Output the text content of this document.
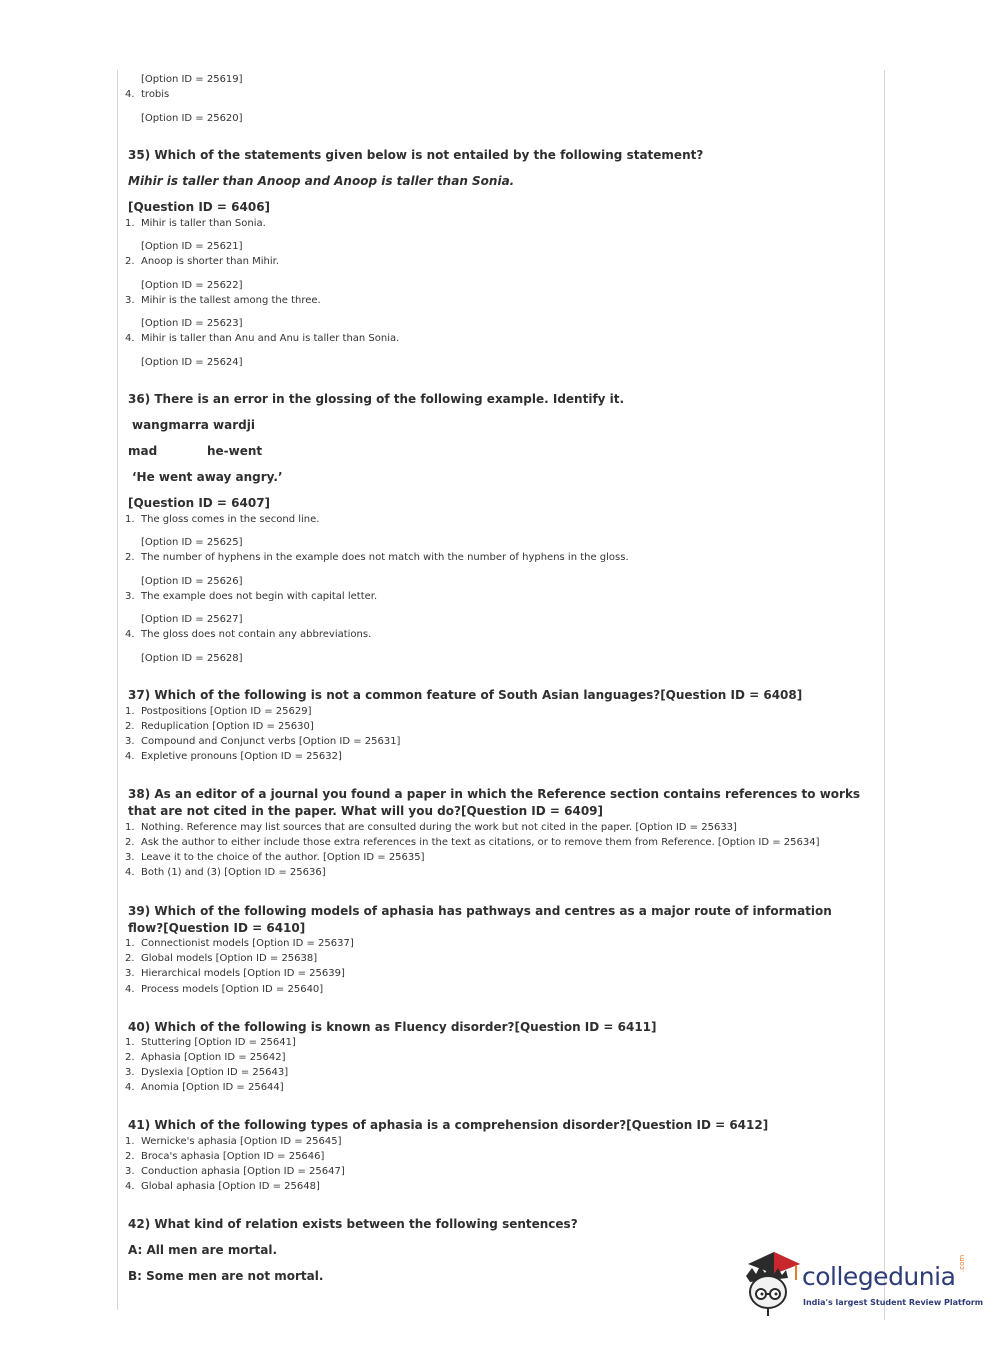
[Option ID = 25619]
4. trobis
[Option ID = 25620]
35) Which of the statements given below is not entailed by the following statement?
Mihir is taller than Anoop and Anoop is taller than Sonia.
[Question ID = 6406]
1. Mihir is taller than Sonia.
[Option ID = 25621]
2. Anoop is shorter than Mihir.
[Option ID = 25622]
3. Mihir is the tallest among the three.
[Option ID = 25623]
4. Mihir is taller than Anu and Anu is taller than Sonia.
[Option ID = 25624]
36) There is an error in the glossing of the following example. Identify it.
wangmarra wardji
mad	he-went
‘He went away angry.’
[Question ID = 6407]
1. The gloss comes in the second line.
[Option ID = 25625]
2. The number of hyphens in the example does not match with the number of hyphens in the gloss.
[Option ID = 25626]
3. The example does not begin with capital letter.
[Option ID = 25627]
4. The gloss does not contain any abbreviations.
[Option ID = 25628]
37) Which of the following is not a common feature of South Asian languages?[Question ID = 6408]
1. Postpositions [Option ID = 25629]
2. Reduplication [Option ID = 25630]
3. Compound and Conjunct verbs [Option ID = 25631]
4. Expletive pronouns [Option ID = 25632]
38) As an editor of a journal you found a paper in which the Reference section contains references to works that are not cited in the paper. What will you do?[Question ID = 6409]
1. Nothing. Reference may list sources that are consulted during the work but not cited in the paper. [Option ID = 25633]
2. Ask the author to either include those extra references in the text as citations, or to remove them from Reference. [Option ID = 25634]
3. Leave it to the choice of the author. [Option ID = 25635]
4. Both (1) and (3) [Option ID = 25636]
39) Which of the following models of aphasia has pathways and centres as a major route of information flow?[Question ID = 6410]
1. Connectionist models [Option ID = 25637]
2. Global models [Option ID = 25638]
3. Hierarchical models [Option ID = 25639]
4. Process models [Option ID = 25640]
40) Which of the following is known as Fluency disorder?[Question ID = 6411]
1. Stuttering [Option ID = 25641]
2. Aphasia [Option ID = 25642]
3. Dyslexia [Option ID = 25643]
4. Anomia [Option ID = 25644]
41) Which of the following types of aphasia is a comprehension disorder?[Question ID = 6412]
1. Wernicke's aphasia [Option ID = 25645]
2. Broca's aphasia [Option ID = 25646]
3. Conduction aphasia [Option ID = 25647]
4. Global aphasia [Option ID = 25648]
42) What kind of relation exists between the following sentences?
A: All men are mortal.
B: Some men are not mortal.	collegedunia .com
India's largest Student Review Platform
